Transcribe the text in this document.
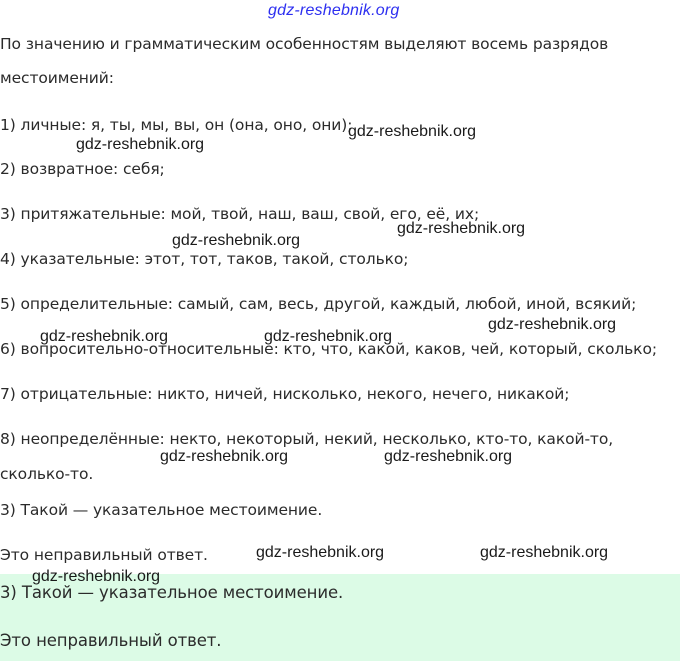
gdz-reshebnik.org
По значению и грамматическим особенностям выделяют восемь разрядов
местоимений:
1) личные: я, ты, мы, вы, он (она, оно, они);
2) возвратное: себя;
3) притяжательные: мой, твой, наш, ваш, свой, его, её, их;
4) указательные: этот, тот, таков, такой, столько;
5) определительные: самый, сам, весь, другой, каждый, любой, иной, всякий;
6) вопросительно-относительные: кто, что, какой, каков, чей, который, сколько;
7) отрицательные: никто, ничей, нисколько, некого, нечего, никакой;
8) неопределённые: некто, некоторый, некий, несколько, кто-то, какой-то,
сколько-то.
3) Такой — указательное местоимение.
Это неправильный ответ.
3) Такой — указательное местоимение.
Это неправильный ответ.
gdz-reshebnik.org
gdz-reshebnik.org
gdz-reshebnik.org
gdz-reshebnik.org
gdz-reshebnik.org
gdz-reshebnik.org	gdz-reshebnik.org
gdz-reshebnik.org	gdz-reshebnik.org
gdz-reshebnik.org	gdz-reshebnik.org
gdz-reshebnik.org
